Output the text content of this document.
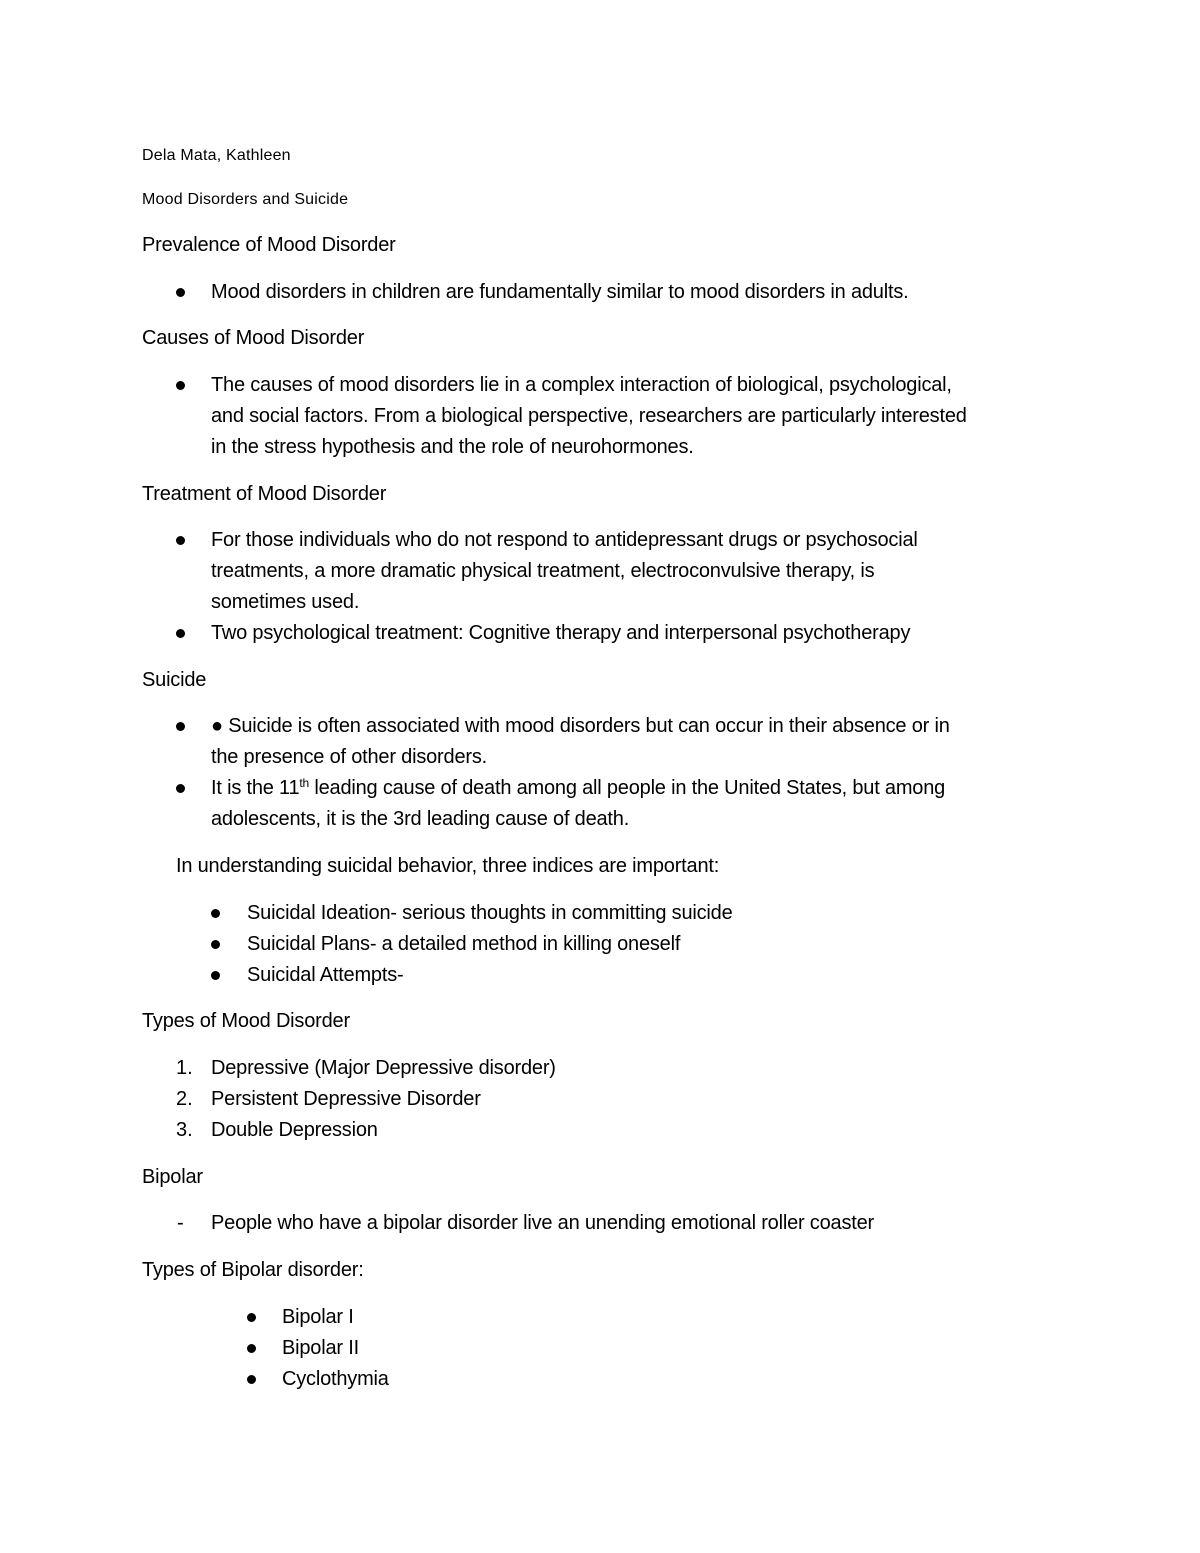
Dela Mata, Kathleen
Mood Disorders and Suicide
Prevalence of Mood Disorder
Mood disorders in children are fundamentally similar to mood disorders in adults.
Causes of Mood Disorder
The causes of mood disorders lie in a complex interaction of biological, psychological,
and social factors. From a biological perspective, researchers are particularly interested
in the stress hypothesis and the role of neurohormones.
Treatment of Mood Disorder
For those individuals who do not respond to antidepressant drugs or psychosocial
treatments, a more dramatic physical treatment, electroconvulsive therapy, is
sometimes used.
Two psychological treatment: Cognitive therapy and interpersonal psychotherapy
Suicide
● Suicide is often associated with mood disorders but can occur in their absence or in
the presence of other disorders.
It is the 11th leading cause of death among all people in the United States, but among
adolescents, it is the 3rd leading cause of death.
In understanding suicidal behavior, three indices are important:
Suicidal Ideation- serious thoughts in committing suicide
Suicidal Plans- a detailed method in killing oneself
Suicidal Attempts-
Types of Mood Disorder
1. Depressive (Major Depressive disorder)
2. Persistent Depressive Disorder
3. Double Depression
Bipolar
- People who have a bipolar disorder live an unending emotional roller coaster
Types of Bipolar disorder:
Bipolar I
Bipolar II
Cyclothymia
